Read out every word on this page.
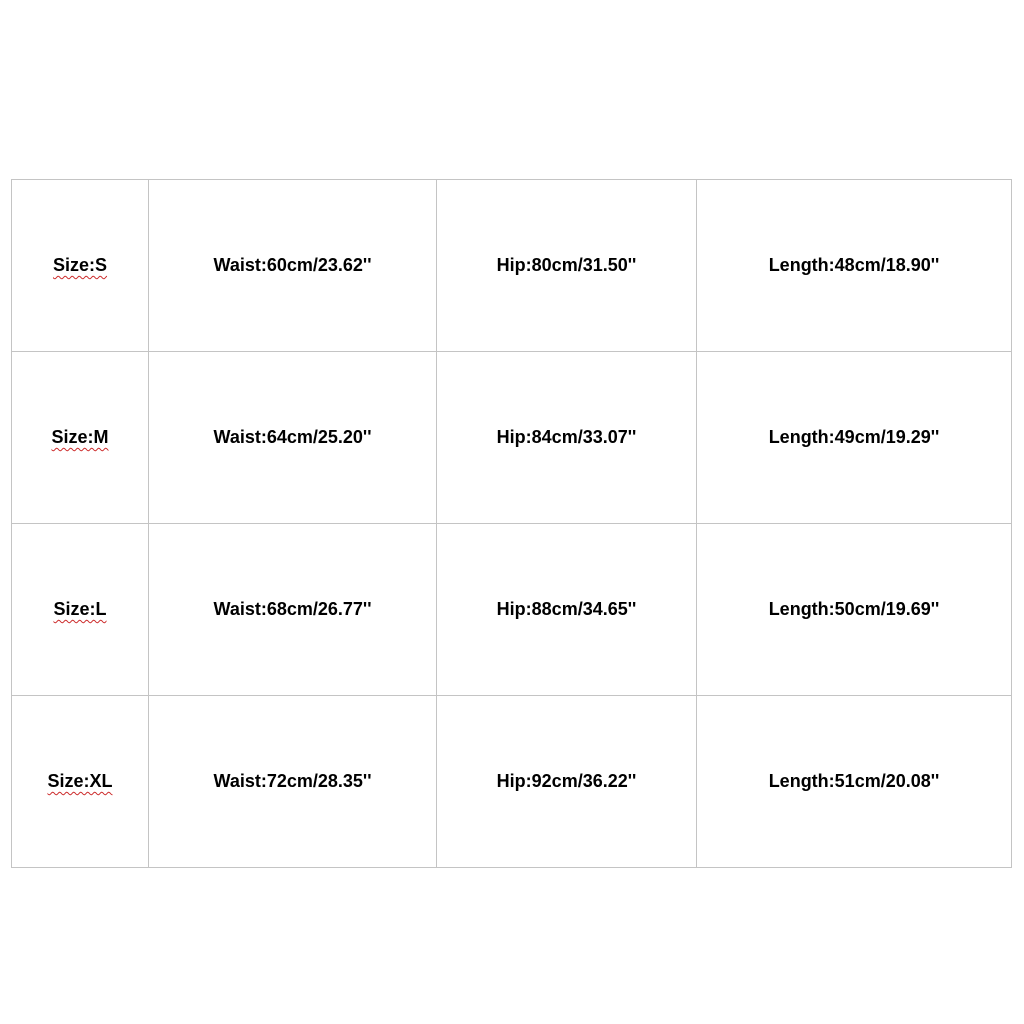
Size:S	Waist:60cm/23.62''	Hip:80cm/31.50''	Length:48cm/18.90''
Size:M	Waist:64cm/25.20''	Hip:84cm/33.07''	Length:49cm/19.29''
Size:L	Waist:68cm/26.77''	Hip:88cm/34.65''	Length:50cm/19.69''
Size:XL	Waist:72cm/28.35''	Hip:92cm/36.22''	Length:51cm/20.08''
